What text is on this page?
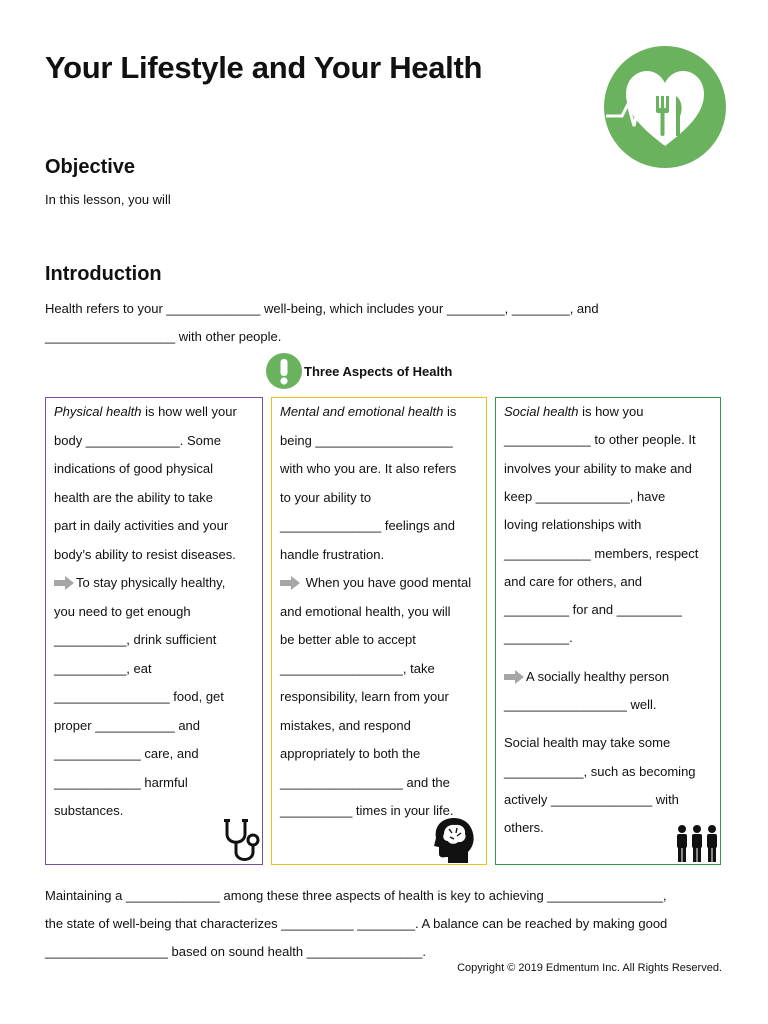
Your Lifestyle and Your Health
Objective
In this lesson, you will
Introduction
Health refers to your _____________ well-being, which includes your ________, ________, and
__________________ with other people.
Three Aspects of Health
Physical health is how well your
body _____________. Some
indications of good physical
health are the ability to take
part in daily activities and your
body’s ability to resist diseases.
To stay physically healthy,
you need to get enough
__________, drink sufficient
__________, eat
________________ food, get
proper ___________ and
____________ care, and
____________ harmful
substances.
Mental and emotional health is
being ___________________
with who you are. It also refers
to your ability to
______________ feelings and
handle frustration.
When you have good mental
and emotional health, you will
be better able to accept
_________________, take
responsibility, learn from your
mistakes, and respond
appropriately to both the
_________________ and the
__________ times in your life.
Social health is how you
____________ to other people. It
involves your ability to make and
keep _____________, have
loving relationships with
____________ members, respect
and care for others, and
_________ for and _________
_________.
A socially healthy person
_________________ well.
Social health may take some
___________, such as becoming
actively ______________ with
others.
Maintaining a _____________ among these three aspects of health is key to achieving ________________,
the state of well-being that characterizes __________ ________. A balance can be reached by making good
_________________ based on sound health ________________.
Copyright © 2019 Edmentum Inc. All Rights Reserved.
